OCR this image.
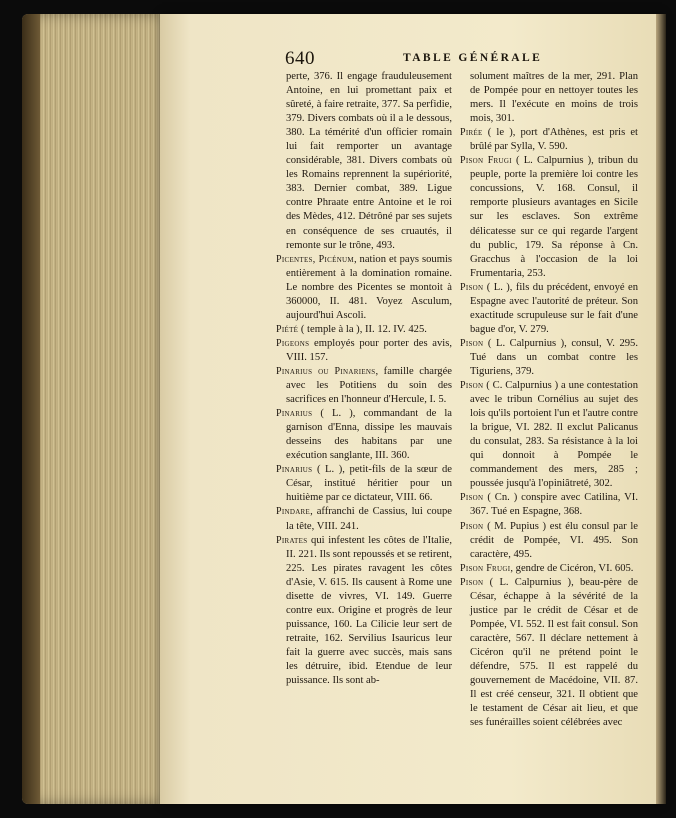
640	TABLE GÉNÉRALE

perte, 376. Il engage frauduleusement Antoine, en lui promettant paix et sûreté, à faire retraite, 377. Sa perfidie, 379. Divers combats où il a le dessous, 380. La témérité d'un officier romain lui fait remporter un avantage considérable, 381. Divers combats où les Romains reprennent la supériorité, 383. Dernier combat, 389. Ligue contre Phraate entre Antoine et le roi des Mèdes, 412. Détrôné par ses sujets en conséquence de ses cruautés, il remonte sur le trône, 493.

Picentes, Picénum, nation et pays soumis entièrement à la domination romaine. Le nombre des Picentes se montoit à 360000, II. 481. Voyez Asculum, aujourd'hui Ascoli.

Piété ( temple à la ), II. 12. IV. 425.

Pigeons employés pour porter des avis, VIII. 157.

Pinarius ou Pinariens, famille chargée avec les Potitiens du soin des sacrifices en l'honneur d'Hercule, I. 5.

Pinarius ( L. ), commandant de la garnison d'Enna, dissipe les mauvais desseins des habitans par une exécution sanglante, III. 360.

Pinarius ( L. ), petit-fils de la sœur de César, institué héritier pour un huitième par ce dictateur, VIII. 66.

Pindare, affranchi de Cassius, lui coupe la tête, VIII. 241.

Pirates qui infestent les côtes de l'Italie, II. 221. Ils sont repoussés et se retirent, 225. Les pirates ravagent les côtes d'Asie, V. 615. Ils causent à Rome une disette de vivres, VI. 149. Guerre contre eux. Origine et progrès de leur puissance, 160. La Cilicie leur sert de retraite, 162. Servilius Isauricus leur fait la guerre avec succès, mais sans les détruire, ibid. Etendue de leur puissance. Ils sont ab-

solument maîtres de la mer, 291. Plan de Pompée pour en nettoyer toutes les mers. Il l'exécute en moins de trois mois, 301.

Pirée ( le ), port d'Athènes, est pris et brûlé par Sylla, V. 590.

Pison Frugi ( L. Calpurnius ), tribun du peuple, porte la première loi contre les concussions, V. 168. Consul, il remporte plusieurs avantages en Sicile sur les esclaves. Son extrême délicatesse sur ce qui regarde l'argent du public, 179. Sa réponse à Cn. Gracchus à l'occasion de la loi Frumentaria, 253.

Pison ( L. ), fils du précédent, envoyé en Espagne avec l'autorité de préteur. Son exactitude scrupuleuse sur le fait d'une bague d'or, V. 279.

Pison ( L. Calpurnius ), consul, V. 295. Tué dans un combat contre les Tiguriens, 379.

Pison ( C. Calpurnius ) a une contestation avec le tribun Cornélius au sujet des lois qu'ils portoient l'un et l'autre contre la brigue, VI. 282. Il exclut Palicanus du consulat, 283. Sa résistance à la loi qui donnoit à Pompée le commandement des mers, 285 ; poussée jusqu'à l'opiniâtreté, 302.

Pison ( Cn. ) conspire avec Catilina, VI. 367. Tué en Espagne, 368.

Pison ( M. Pupius ) est élu consul par le crédit de Pompée, VI. 495. Son caractère, 495.

Pison Frugi, gendre de Cicéron, VI. 605.

Pison ( L. Calpurnius ), beau-père de César, échappe à la sévérité de la justice par le crédit de César et de Pompée, VI. 552. Il est fait consul. Son caractère, 567. Il déclare nettement à Cicéron qu'il ne prétend point le défendre, 575. Il est rappelé du gouvernement de Macédoine, VII. 87. Il est créé censeur, 321. Il obtient que le testament de César ait lieu, et que ses funérailles soient célébrées avec
